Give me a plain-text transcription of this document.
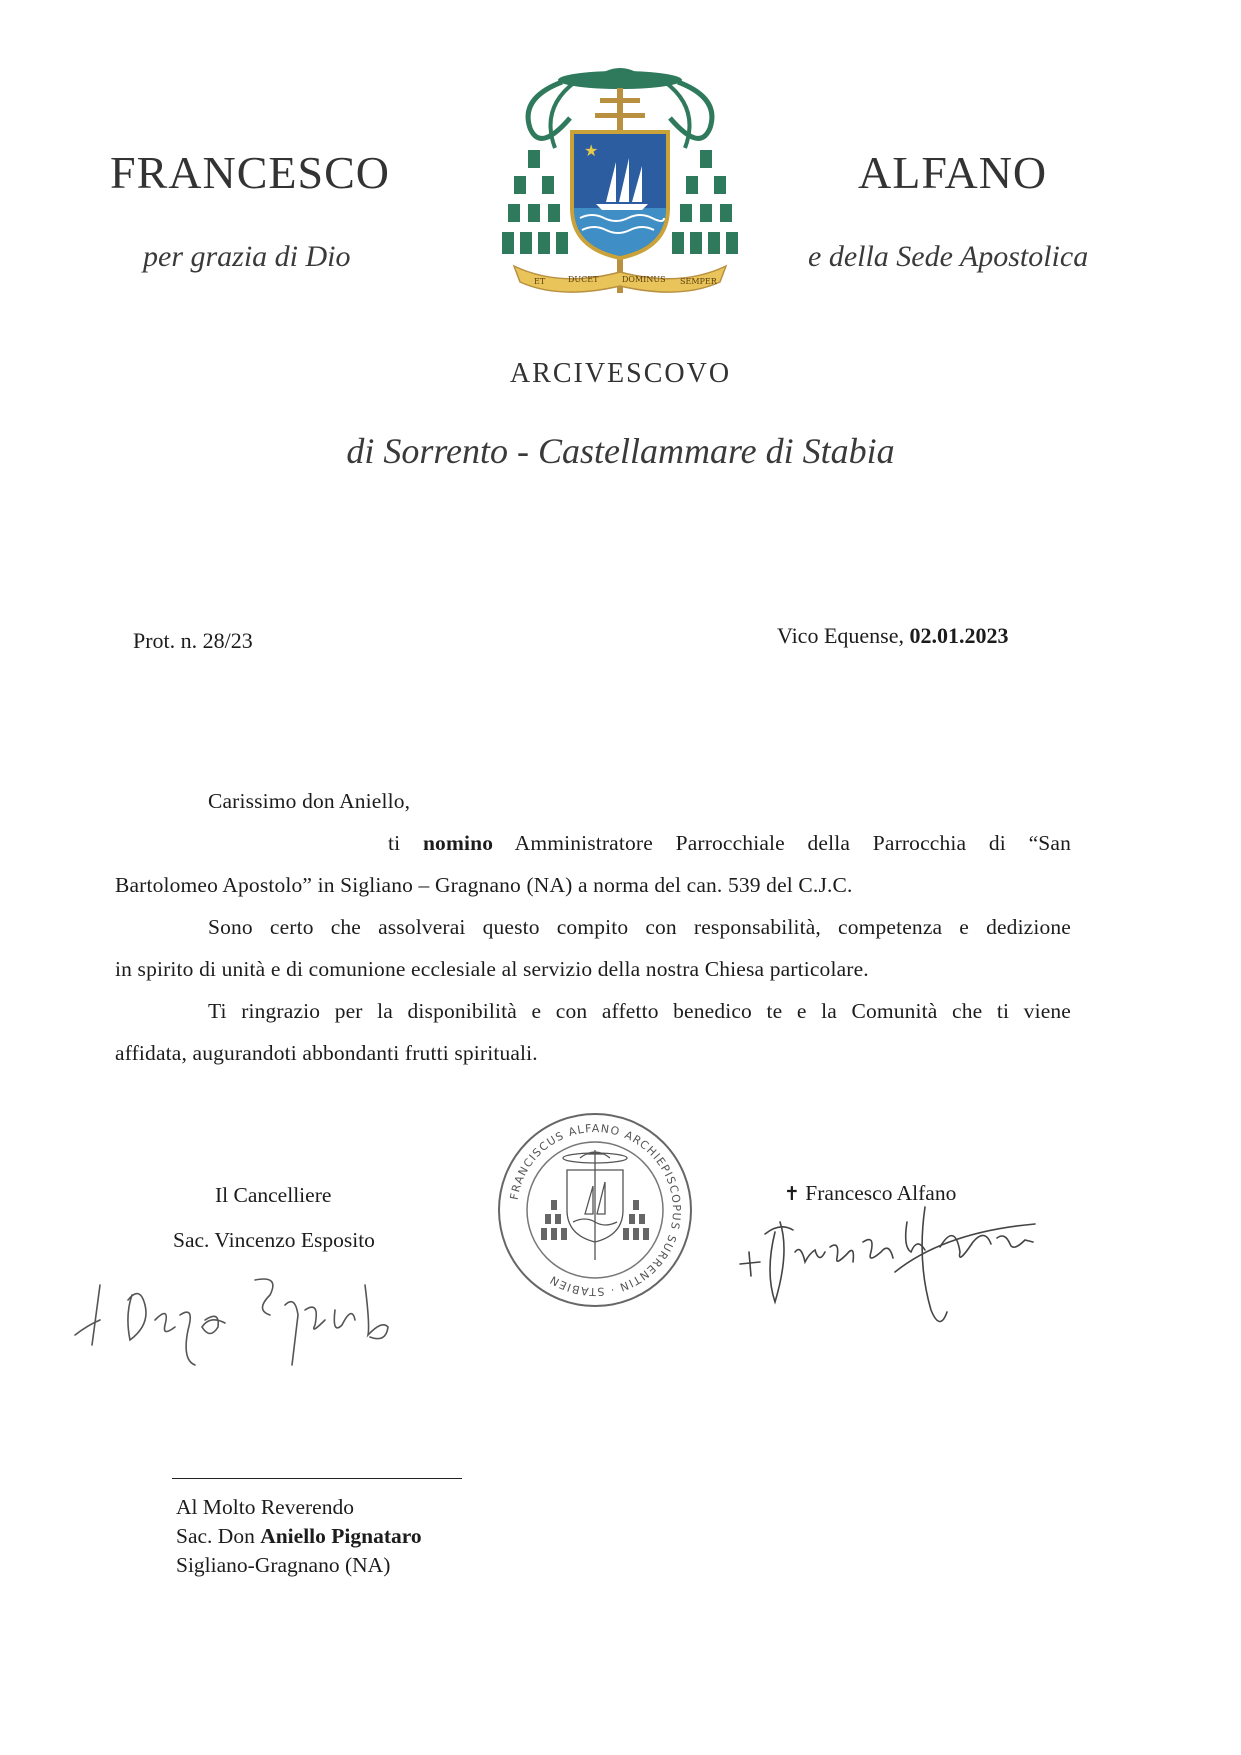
FRANCESCO	ALFANO
per grazia di Dio	e della Sede Apostolica
★
ET	DUCET	DOMINUS SEMPER
ARCIVESCOVO
di Sorrento - Castellammare di Stabia
Prot. n. 28/23	Vico Equense, 02.01.2023
Carissimo don Aniello,
ti nomino Amministratore Parrocchiale della Parrocchia di “San
Bartolomeo Apostolo” in Sigliano – Gragnano (NA) a norma del can. 539 del C.J.C.
Sono certo che assolverai questo compito con responsabilità, competenza e dedizione
in spirito di unità e di comunione ecclesiale al servizio della nostra Chiesa particolare.
Ti ringrazio per la disponibilità e con affetto benedico te e la Comunità che ti viene
affidata, augurandoti abbondanti frutti spirituali.
Il Cancelliere
Sac. Vincenzo Esposito
FRANCISCUS ALFANO ARCHIEPISCOPUS SURRENTIN · STABIEN
✝ Francesco Alfano
Al Molto Reverendo
Sac. Don Aniello Pignataro
Sigliano-Gragnano (NA)
